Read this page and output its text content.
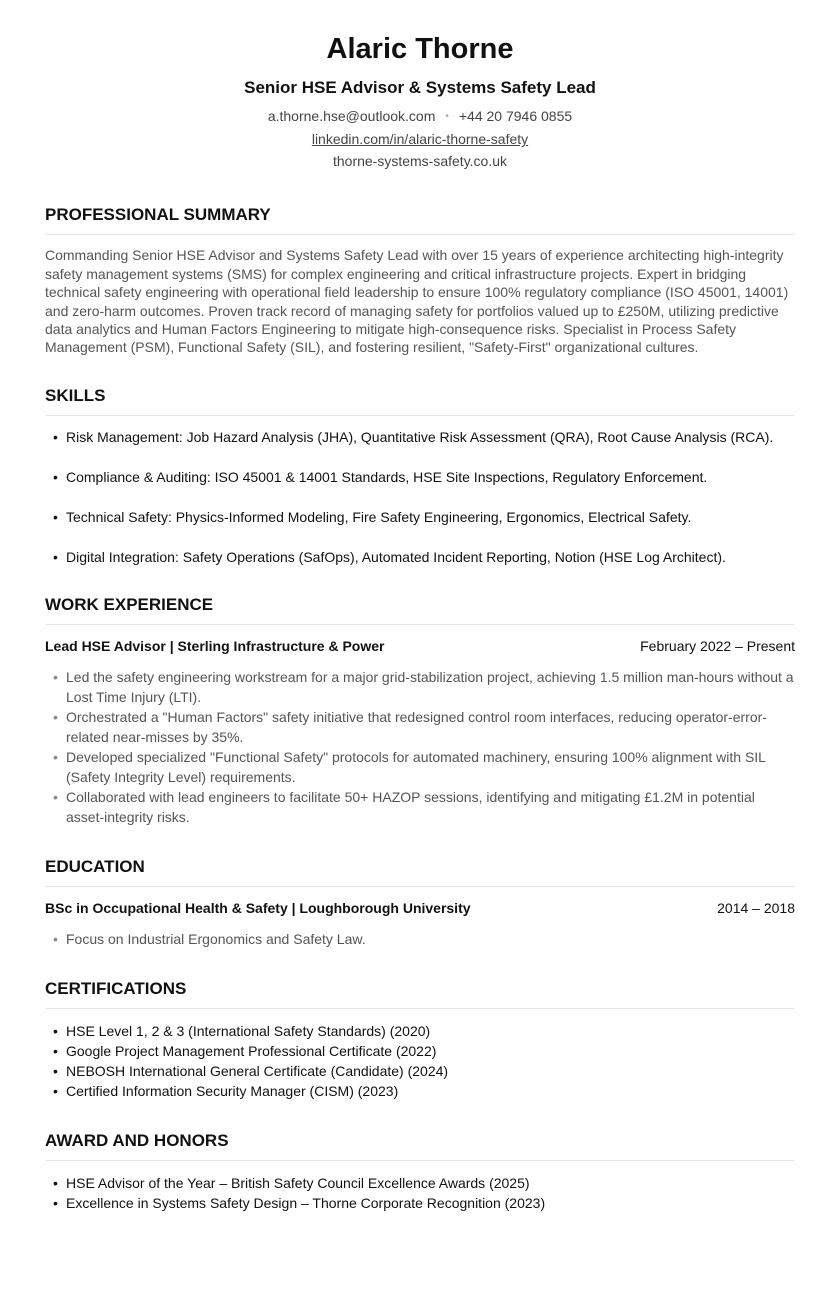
Alaric Thorne
Senior HSE Advisor & Systems Safety Lead
a.thorne.hse@outlook.com • +44 20 7946 0855
linkedin.com/in/alaric-thorne-safety
thorne-systems-safety.co.uk
PROFESSIONAL SUMMARY
Commanding Senior HSE Advisor and Systems Safety Lead with over 15 years of experience architecting high-integrity safety management systems (SMS) for complex engineering and critical infrastructure projects. Expert in bridging technical safety engineering with operational field leadership to ensure 100% regulatory compliance (ISO 45001, 14001) and zero-harm outcomes. Proven track record of managing safety for portfolios valued up to £250M, utilizing predictive data analytics and Human Factors Engineering to mitigate high-consequence risks. Specialist in Process Safety Management (PSM), Functional Safety (SIL), and fostering resilient, "Safety-First" organizational cultures.
SKILLS
• Risk Management: Job Hazard Analysis (JHA), Quantitative Risk Assessment (QRA), Root Cause Analysis (RCA).
• Compliance & Auditing: ISO 45001 & 14001 Standards, HSE Site Inspections, Regulatory Enforcement.
• Technical Safety: Physics-Informed Modeling, Fire Safety Engineering, Ergonomics, Electrical Safety.
• Digital Integration: Safety Operations (SafOps), Automated Incident Reporting, Notion (HSE Log Architect).
WORK EXPERIENCE
Lead HSE Advisor | Sterling Infrastructure & Power	February 2022 – Present
• Led the safety engineering workstream for a major grid-stabilization project, achieving 1.5 million man-hours without a Lost Time Injury (LTI).
• Orchestrated a "Human Factors" safety initiative that redesigned control room interfaces, reducing operator-error-related near-misses by 35%.
• Developed specialized "Functional Safety" protocols for automated machinery, ensuring 100% alignment with SIL (Safety Integrity Level) requirements.
• Collaborated with lead engineers to facilitate 50+ HAZOP sessions, identifying and mitigating £1.2M in potential asset-integrity risks.
EDUCATION
BSc in Occupational Health & Safety | Loughborough University	2014 – 2018
• Focus on Industrial Ergonomics and Safety Law.
CERTIFICATIONS
• HSE Level 1, 2 & 3 (International Safety Standards) (2020)
• Google Project Management Professional Certificate (2022)
• NEBOSH International General Certificate (Candidate) (2024)
• Certified Information Security Manager (CISM) (2023)
AWARD AND HONORS
• HSE Advisor of the Year – British Safety Council Excellence Awards (2025)
• Excellence in Systems Safety Design – Thorne Corporate Recognition (2023)
